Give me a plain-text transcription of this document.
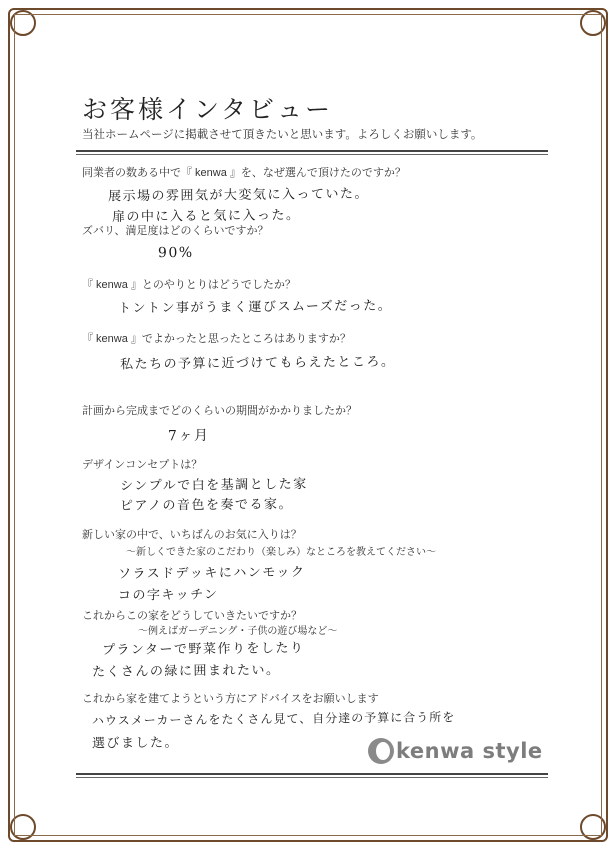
お客様インタビュー
当社ホームページに掲載させて頂きたいと思います。よろしくお願いします。
同業者の数ある中で『 kenwa 』を、なぜ選んで頂けたのですか？
展示場の雰囲気が大変気に入っていた。
扉の中に入ると気に入った。
ズバリ、満足度はどのくらいですか？
90%
『 kenwa 』とのやりとりはどうでしたか？
トントン事がうまく運びスムーズだった。
『 kenwa 』でよかったと思ったところはありますか？
私たちの予算に近づけてもらえたところ。
計画から完成までどのくらいの期間がかかりましたか？
7ヶ月
デザインコンセプトは？
シンプルで白を基調とした家
ピアノの音色を奏でる家。
新しい家の中で、いちばんのお気に入りは？
〜新しくできた家のこだわり（楽しみ）なところを教えてください〜
ソラスドデッキにハンモック
コの字キッチン
これからこの家をどうしていきたいですか？
〜例えばガーデニング・子供の遊び場など〜
プランターで野菜作りをしたり
たくさんの緑に囲まれたい。
これから家を建てようという方にアドバイスをお願いします
ハウスメーカーさんをたくさん見て、自分達の予算に合う所を
選びました。	kenwa style
